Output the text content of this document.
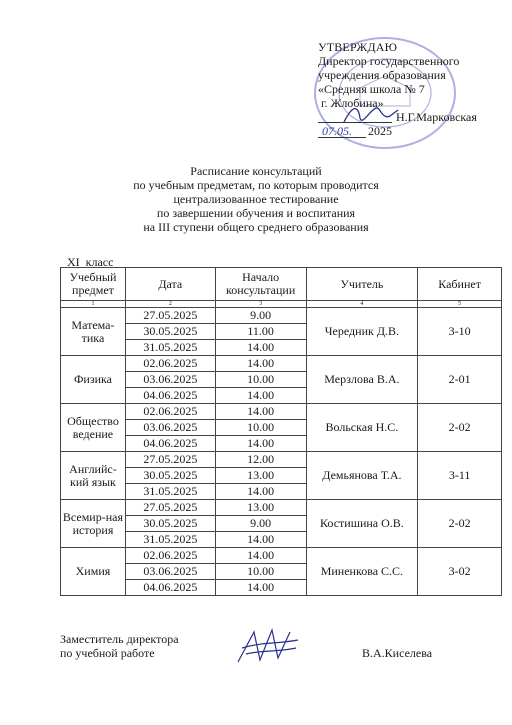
УТВЕРЖДАЮ
Директор государственного
учреждения образования
«Средняя школа № 7
г. Жлобина»
Н.Г.Марковская
07.05. 2025
Расписание консультаций
по учебным предметам, по которым проводится
централизованное тестирование
по завершении обучения и воспитания
на III ступени общего среднего образования
XI  класс
Учебный предмет	Дата	Начало консультации	Учитель	Кабинет
1	2	3	4	5
Матема-тика	27.05.2025	9.00	Чередник Д.В.	3-10
	30.05.2025	11.00		
	31.05.2025	14.00		
Физика	02.06.2025	14.00	Мерзлова В.А.	2-01
	03.06.2025	10.00		
	04.06.2025	14.00		
Общество ведение	02.06.2025	14.00	Вольская Н.С.	2-02
	03.06.2025	10.00		
	04.06.2025	14.00		
Английс-кий язык	27.05.2025	12.00	Демьянова Т.А.	3-11
	30.05.2025	13.00		
	31.05.2025	14.00		
Всемир-ная история	27.05.2025	13.00	Костишина О.В.	2-02
	30.05.2025	9.00		
	31.05.2025	14.00		
Химия	02.06.2025	14.00	Миненкова С.С.	3-02
	03.06.2025	10.00		
	04.06.2025	14.00		
Заместитель директора
по учебной работе	В.А.Киселева
